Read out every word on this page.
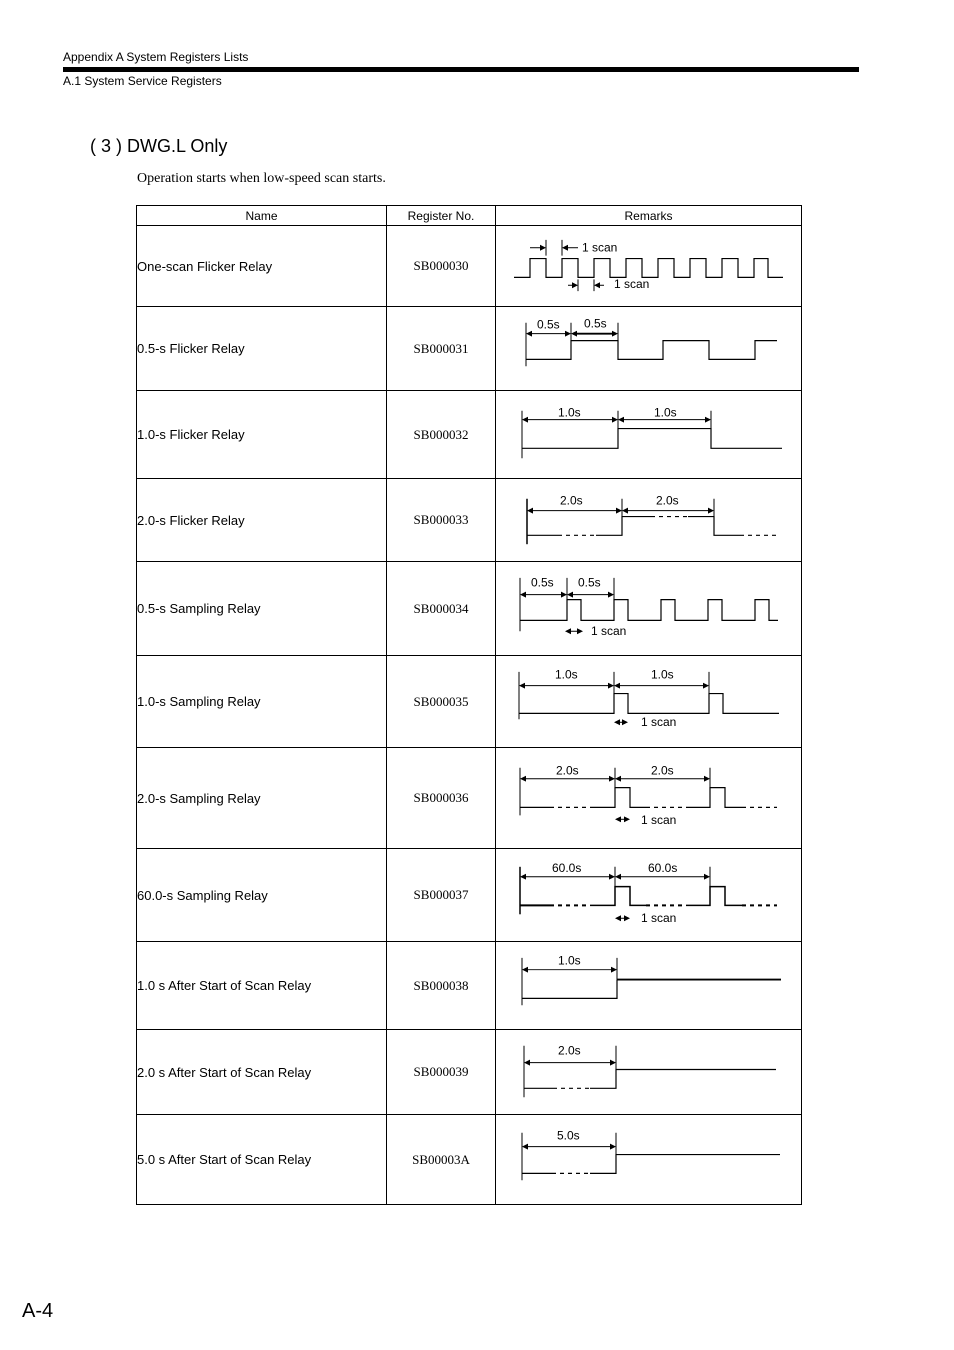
Appendix A System Registers Lists
A.1 System Service Registers
( 3 ) DWG.L Only
Operation starts when low-speed scan starts.
Name	Register No.	Remarks
One-scan Flicker Relay	SB000030	1 scan
1 scan

0.5-s Flicker Relay	SB000031	0.5s 0.5s

1.0-s Flicker Relay	SB000032	1.0s 1.0s

2.0-s Flicker Relay	SB000033	2.0s 2.0s

0.5-s Sampling Relay	SB000034	0.5s 0.5s
1 scan

1.0-s Sampling Relay	SB000035	1.0s 1.0s
1 scan

2.0-s Sampling Relay	SB000036	2.0s 2.0s
1 scan

60.0-s Sampling Relay	SB000037	60.0s 60.0s
1 scan

1.0 s After Start of Scan Relay	SB000038	1.0s

2.0 s After Start of Scan Relay	SB000039	2.0s

5.0 s After Start of Scan Relay	SB00003A	5.0s
A-4
